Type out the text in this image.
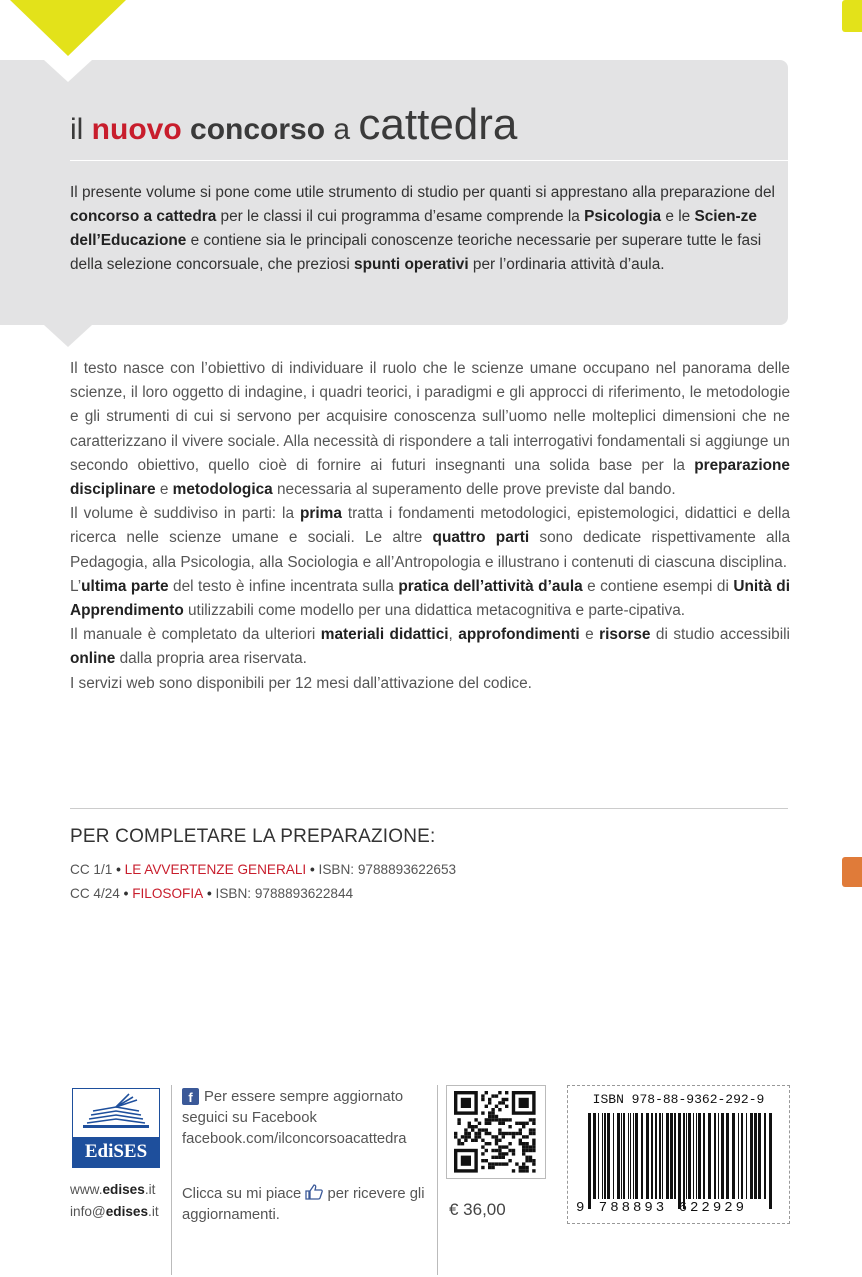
il nuovo concorso a cattedra
Il presente volume si pone come utile strumento di studio per quanti si apprestano alla preparazione del concorso a cattedra per le classi il cui programma d’esame comprende la Psicologia e le Scien-ze dell’Educazione e contiene sia le principali conoscenze teoriche necessarie per superare tutte le fasi della selezione concorsuale, che preziosi spunti operativi per l’ordinaria attività d’aula.

Il testo nasce con l’obiettivo di individuare il ruolo che le scienze umane occupano nel panorama delle scienze, il loro oggetto di indagine, i quadri teorici, i paradigmi e gli approcci di riferimento, le metodologie e gli strumenti di cui si servono per acquisire conoscenza sull’uomo nelle molteplici dimensioni che ne caratterizzano il vivere sociale. Alla necessità di rispondere a tali interrogativi fondamentali si aggiunge un secondo obiettivo, quello cioè di fornire ai futuri insegnanti una solida base per la preparazione disciplinare e metodologica necessaria al superamento delle prove previste dal bando.

Il volume è suddiviso in parti: la prima tratta i fondamenti metodologici, epistemologici, didattici e della ricerca nelle scienze umane e sociali. Le altre quattro parti sono dedicate rispettivamente alla Pedagogia, alla Psicologia, alla Sociologia e all’Antropologia e illustrano i contenuti di ciascuna disciplina.

L’ultima parte del testo è infine incentrata sulla pratica dell’attività d’aula e contiene esempi di Unità di Apprendimento utilizzabili come modello per una didattica metacognitiva e parte-cipativa.

Il manuale è completato da ulteriori materiali didattici, approfondimenti e risorse di studio accessibili online dalla propria area riservata.

I servizi web sono disponibili per 12 mesi dall’attivazione del codice.

PER COMPLETARE LA PREPARAZIONE:
CC 1/1 • LE AVVERTENZE GENERALI • ISBN: 9788893622653
CC 4/24 • FILOSOFIA • ISBN: 9788893622844
EdiSES
www.edises.it
info@edises.it
f Per essere sempre aggiornato seguici su Facebook facebook.com/ilconcorsoacattedra
Clicca su mi piace  per ricevere gli aggiornamenti.	€ 36,00
ISBN 978-88-9362-292-9
9 788893 622929
